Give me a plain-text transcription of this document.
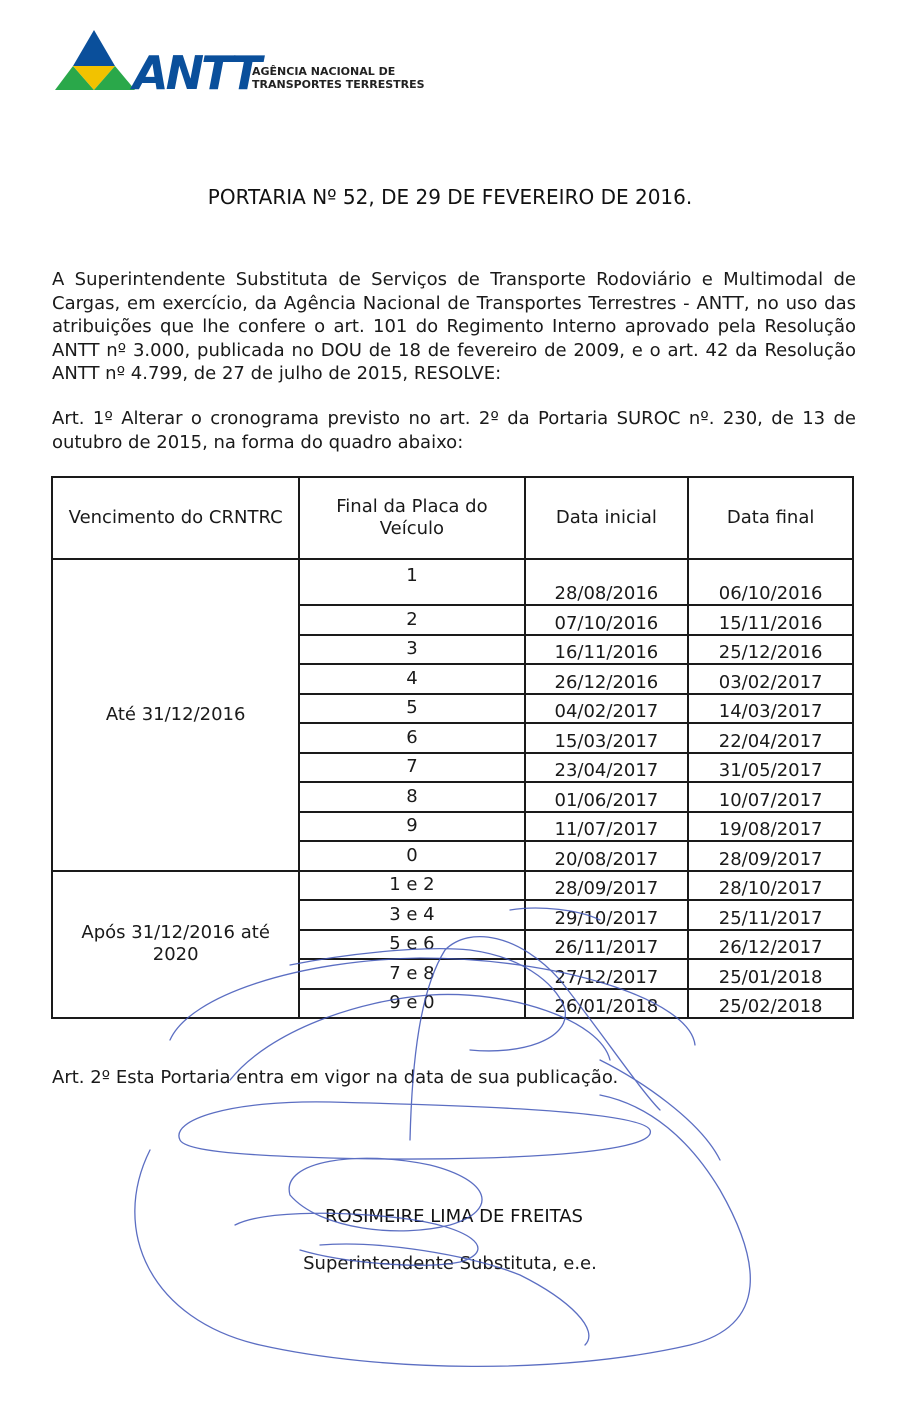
ANTT
AGÊNCIA NACIONAL DE
TRANSPORTES TERRESTRES
PORTARIA Nº 52, DE 29 DE FEVEREIRO DE 2016.
A Superintendente Substituta de Serviços de Transporte Rodoviário e Multimodal de Cargas, em exercício, da Agência Nacional de Transportes Terrestres - ANTT, no uso das atribuições que lhe confere o art. 101 do Regimento Interno aprovado pela Resolução ANTT nº 3.000, publicada no DOU de 18 de fevereiro de 2009, e o art. 42 da Resolução ANTT nº 4.799, de 27 de julho de 2015, RESOLVE:
Art. 1º Alterar o cronograma previsto no art. 2º da Portaria SUROC nº. 230, de 13 de outubro de 2015, na forma do quadro abaixo:
Vencimento do CRNTRC	Final da Placa do Veículo	Data inicial	Data final
Até 31/12/2016	1	28/08/2016	06/10/2016
	2	07/10/2016	15/11/2016
	3	16/11/2016	25/12/2016
	4	26/12/2016	03/02/2017
	5	04/02/2017	14/03/2017
	6	15/03/2017	22/04/2017
	7	23/04/2017	31/05/2017
	8	01/06/2017	10/07/2017
	9	11/07/2017	19/08/2017
	0	20/08/2017	28/09/2017
Após 31/12/2016 até 2020	1 e 2	28/09/2017	28/10/2017
	3 e 4	29/10/2017	25/11/2017
	5 e 6	26/11/2017	26/12/2017
	7 e 8	27/12/2017	25/01/2018
	9 e 0	26/01/2018	25/02/2018
Art. 2º Esta Portaria entra em vigor na data de sua publicação.
ROSIMEIRE LIMA DE FREITAS
Superintendente Substituta, e.e.
